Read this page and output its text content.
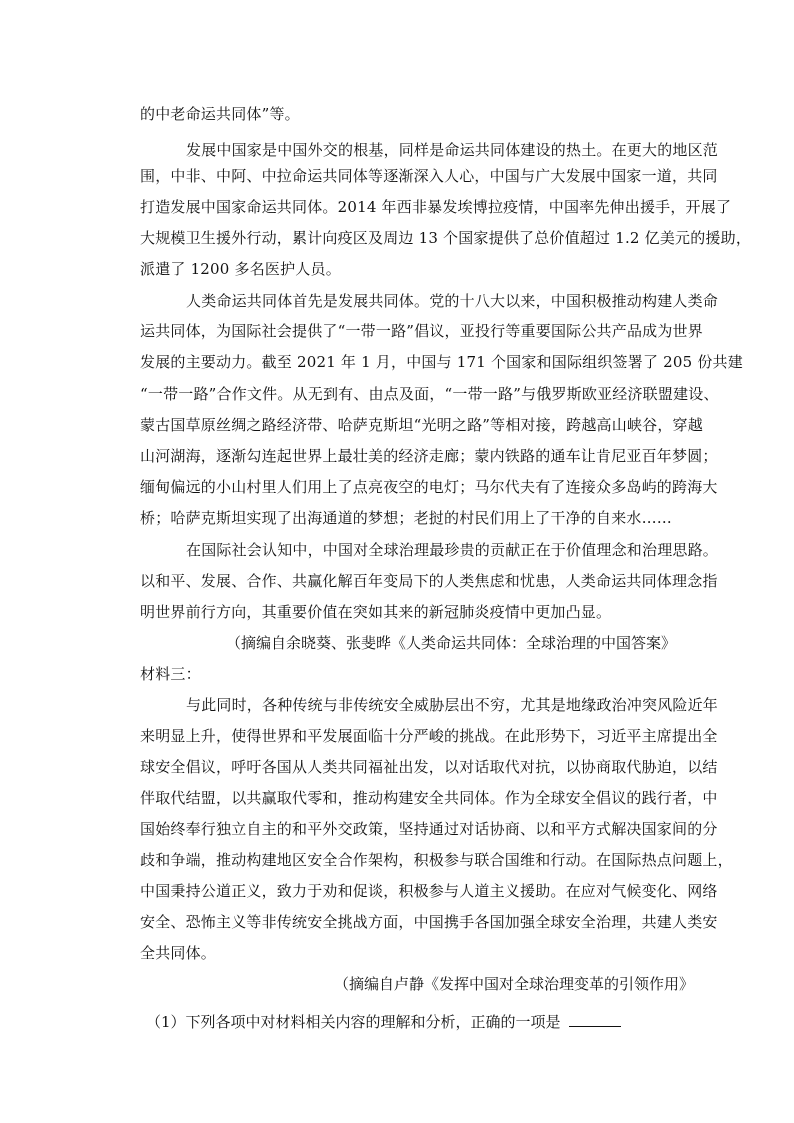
的中老命运共同体”等。
发展中国家是中国外交的根基，同样是命运共同体建设的热土。在更大的地区范
围，中非、中阿、中拉命运共同体等逐渐深入人心，中国与广大发展中国家一道，共同
打造发展中国家命运共同体。2014 年西非暴发埃博拉疫情，中国率先伸出援手，开展了
大规模卫生援外行动，累计向疫区及周边 13 个国家提供了总价值超过 1.2 亿美元的援助，
派遣了 1200 多名医护人员。
人类命运共同体首先是发展共同体。党的十八大以来，中国积极推动构建人类命
运共同体，为国际社会提供了“一带一路”倡议，亚投行等重要国际公共产品成为世界
发展的主要动力。截至 2021 年 1 月，中国与 171 个国家和国际组织签署了 205 份共建
“一带一路”合作文件。从无到有、由点及面，“一带一路”与俄罗斯欧亚经济联盟建设、
蒙古国草原丝绸之路经济带、哈萨克斯坦“光明之路”等相对接，跨越高山峡谷，穿越
山河湖海，逐渐勾连起世界上最壮美的经济走廊；蒙内铁路的通车让肯尼亚百年梦圆；
缅甸偏远的小山村里人们用上了点亮夜空的电灯；马尔代夫有了连接众多岛屿的跨海大
桥；哈萨克斯坦实现了出海通道的梦想；老挝的村民们用上了干净的自来水……
在国际社会认知中，中国对全球治理最珍贵的贡献正在于价值理念和治理思路。
以和平、发展、合作、共赢化解百年变局下的人类焦虑和忧患，人类命运共同体理念指
明世界前行方向，其重要价值在突如其来的新冠肺炎疫情中更加凸显。
（摘编自余晓葵、张斐晔《人类命运共同体：全球治理的中国答案》
材料三：
与此同时，各种传统与非传统安全威胁层出不穷，尤其是地缘政治冲突风险近年
来明显上升，使得世界和平发展面临十分严峻的挑战。在此形势下，习近平主席提出全
球安全倡议，呼吁各国从人类共同福祉出发，以对话取代对抗，以协商取代胁迫，以结
伴取代结盟，以共赢取代零和，推动构建安全共同体。作为全球安全倡议的践行者，中
国始终奉行独立自主的和平外交政策，坚持通过对话协商、以和平方式解决国家间的分
歧和争端，推动构建地区安全合作架构，积极参与联合国维和行动。在国际热点问题上，
中国秉持公道正义，致力于劝和促谈，积极参与人道主义援助。在应对气候变化、网络
安全、恐怖主义等非传统安全挑战方面，中国携手各国加强全球安全治理，共建人类安
全共同体。
（摘编自卢静《发挥中国对全球治理变革的引领作用》
（1）下列各项中对材料相关内容的理解和分析，正确的一项是
